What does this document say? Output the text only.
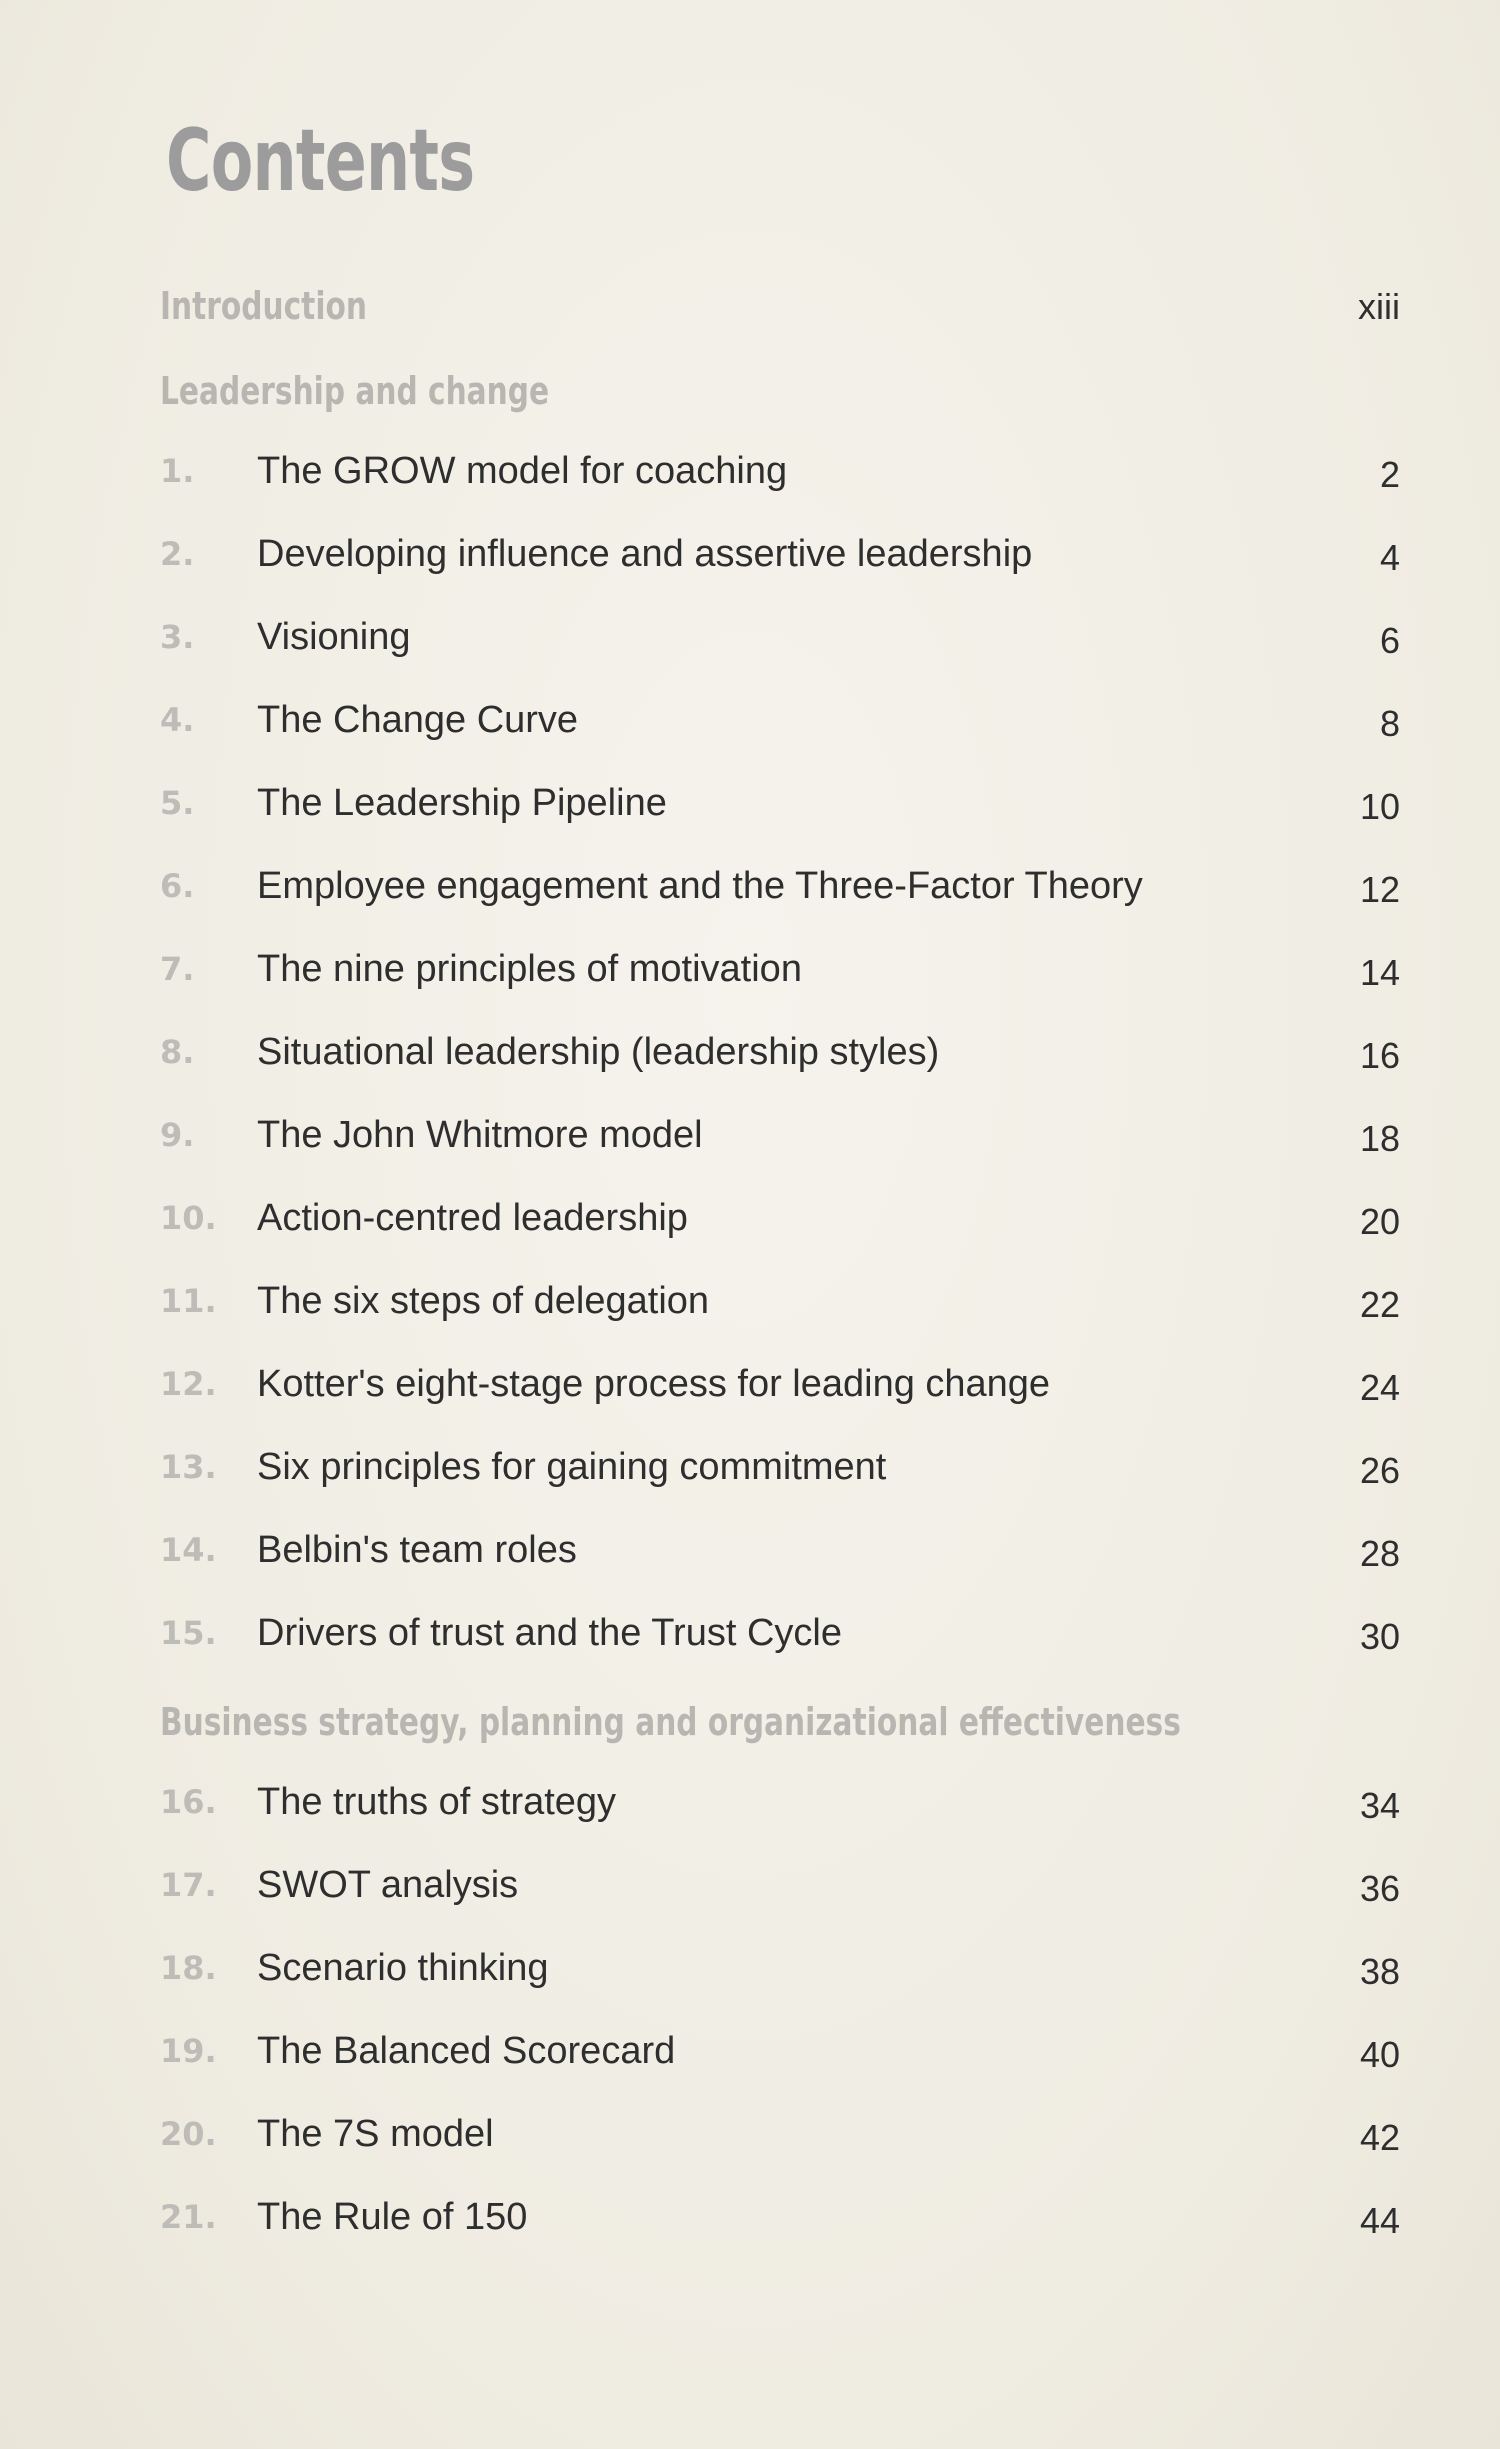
Contents
Introduction	xiii
Leadership and change
1.	The GROW model for coaching	2
2.	Developing influence and assertive leadership	4
3.	Visioning	6
4.	The Change Curve	8
5.	The Leadership Pipeline	10
6.	Employee engagement and the Three-Factor Theory	12
7.	The nine principles of motivation	14
8.	Situational leadership (leadership styles)	16
9.	The John Whitmore model	18
10.	Action-centred leadership	20
11.	The six steps of delegation	22
12.	Kotter's eight-stage process for leading change	24
13.	Six principles for gaining commitment	26
14.	Belbin's team roles	28
15.	Drivers of trust and the Trust Cycle	30
Business strategy, planning and organizational effectiveness
16.	The truths of strategy	34
17.	SWOT analysis	36
18.	Scenario thinking	38
19.	The Balanced Scorecard	40
20.	The 7S model	42
21.	The Rule of 150	44
